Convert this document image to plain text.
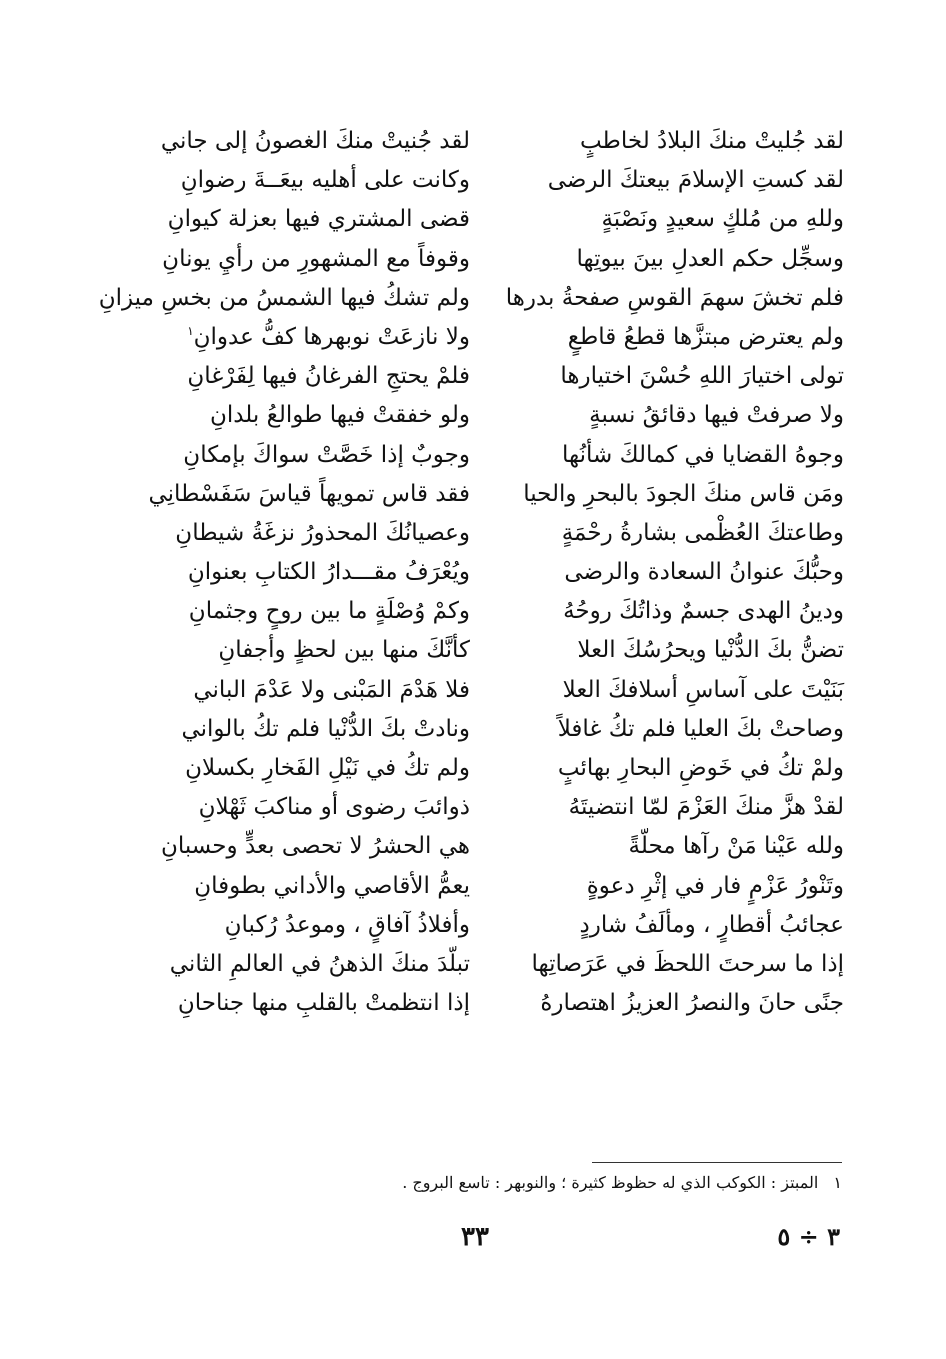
لقد جُليتْ منكَ البلادُ لخاطبٍ
لقد كستِ الإسلامَ بيعتكَ الرضى
وللهِ من مُلكٍ سعيدٍ ونَصْبَةٍ
وسجِّل حكم العدلِ بينَ بيوتِها
فلم تخشَ سهمَ القوسِ صفحةُ بدرها
ولم يعترض مبتزَّها قطعُ قاطعٍ
تولى اختيارَ اللهِ حُسْنَ اختيارها
ولا صرفتْ فيها دقائقُ نسبةٍ
وجوهُ القضايا في كمالكَ شأنُها
ومَن قاس منكَ الجودَ بالبحرِ والحيا
وطاعتكَ العُظْمى بشارةُ رحْمَةٍ
وحبُّكَ عنوانُ السعادة والرضى
ودينُ الهدى جسمٌ وذاتُكَ روحُهُ
تضنُّ بكَ الدُّنْيا ويحرُسُكَ العلا
بَنَيْتَ على آساسِ أسلافكَ العلا
وصاحتْ بكَ العليا فلم تكُ غافلاً
ولمْ تكُ في خَوضِ البحارِ بهائبٍ
لقدْ هزَّ منكَ العَزْمَ لمّا انتضيتَهُ
ولله عَيْنا مَنْ رآها محلّةً
وتَنْورُ عَزْمٍ فار في إثْرِ دعوةٍ
عجائبُ أقطارٍ ، ومألَفُ شاردٍ
إذا ما سرحتَ اللحظَ في عَرَصاتِها
جنًى حانَ والنصرُ العزيزُ اهتصارهُ
لقد جُنيتْ منكَ الغصونُ إلى جاني
وكانت على أهليه بيعَــةَ رضوانِ
قضى المشتري فيها بعزلة كيوانِ
وقوفاً مع المشهورِ من رأيِ يونانِ
ولم تشكُ فيها الشمسُ من بخسِ ميزانِ
ولا نازعَتْ نوبهرها كفُّ عدوانِ$^١$
فلمْ يحتجِ الفرغانُ فيها لِفَرْغانِ
ولو خفقتْ فيها طوالعُ بلدانِ
وجوبٌ إذا خَصَّتْ سواكَ بإمكانِ
فقد قاس تمويهاً قياسَ سَفَسْطانِي
وعصيانُكَ المحذورُ نزغَةُ شيطانِ
ويُعْرَفُ مقـــدارُ الكتابِ بعنوانِ
وكمْ وُصْلَةٍ ما بين روحٍ وجثمانِ
كأنَّكَ منها بين لحظٍ وأجفانِ
فلا هَدْمَ المَبْنى ولا عَدْمَ الباني
ونادتْ بكَ الدُّنْيا فلم تكُ بالواني
ولم تكُ في نَيْلِ الفَخارِ بكسلانِ
ذوائبَ رضوى أو مناكبَ ثَهْلانِ
هي الحشرُ لا تحصى بعدٍّ وحسبانِ
يعمُّ الأقاصي والأداني بطوفانِ
وأفلاذُ آفاقٍ ، وموعدُ رُكبانِ
تبلّدَ منكَ الذهنُ في العالمِ الثاني
إذا انتظمتْ بالقلبِ منها جناحانِ
١ المبتز : الكوكب الذي له حظوظ كثيرة ؛ والنوبهر : تاسع البروج .
٣٣	٣ ÷ ٥
